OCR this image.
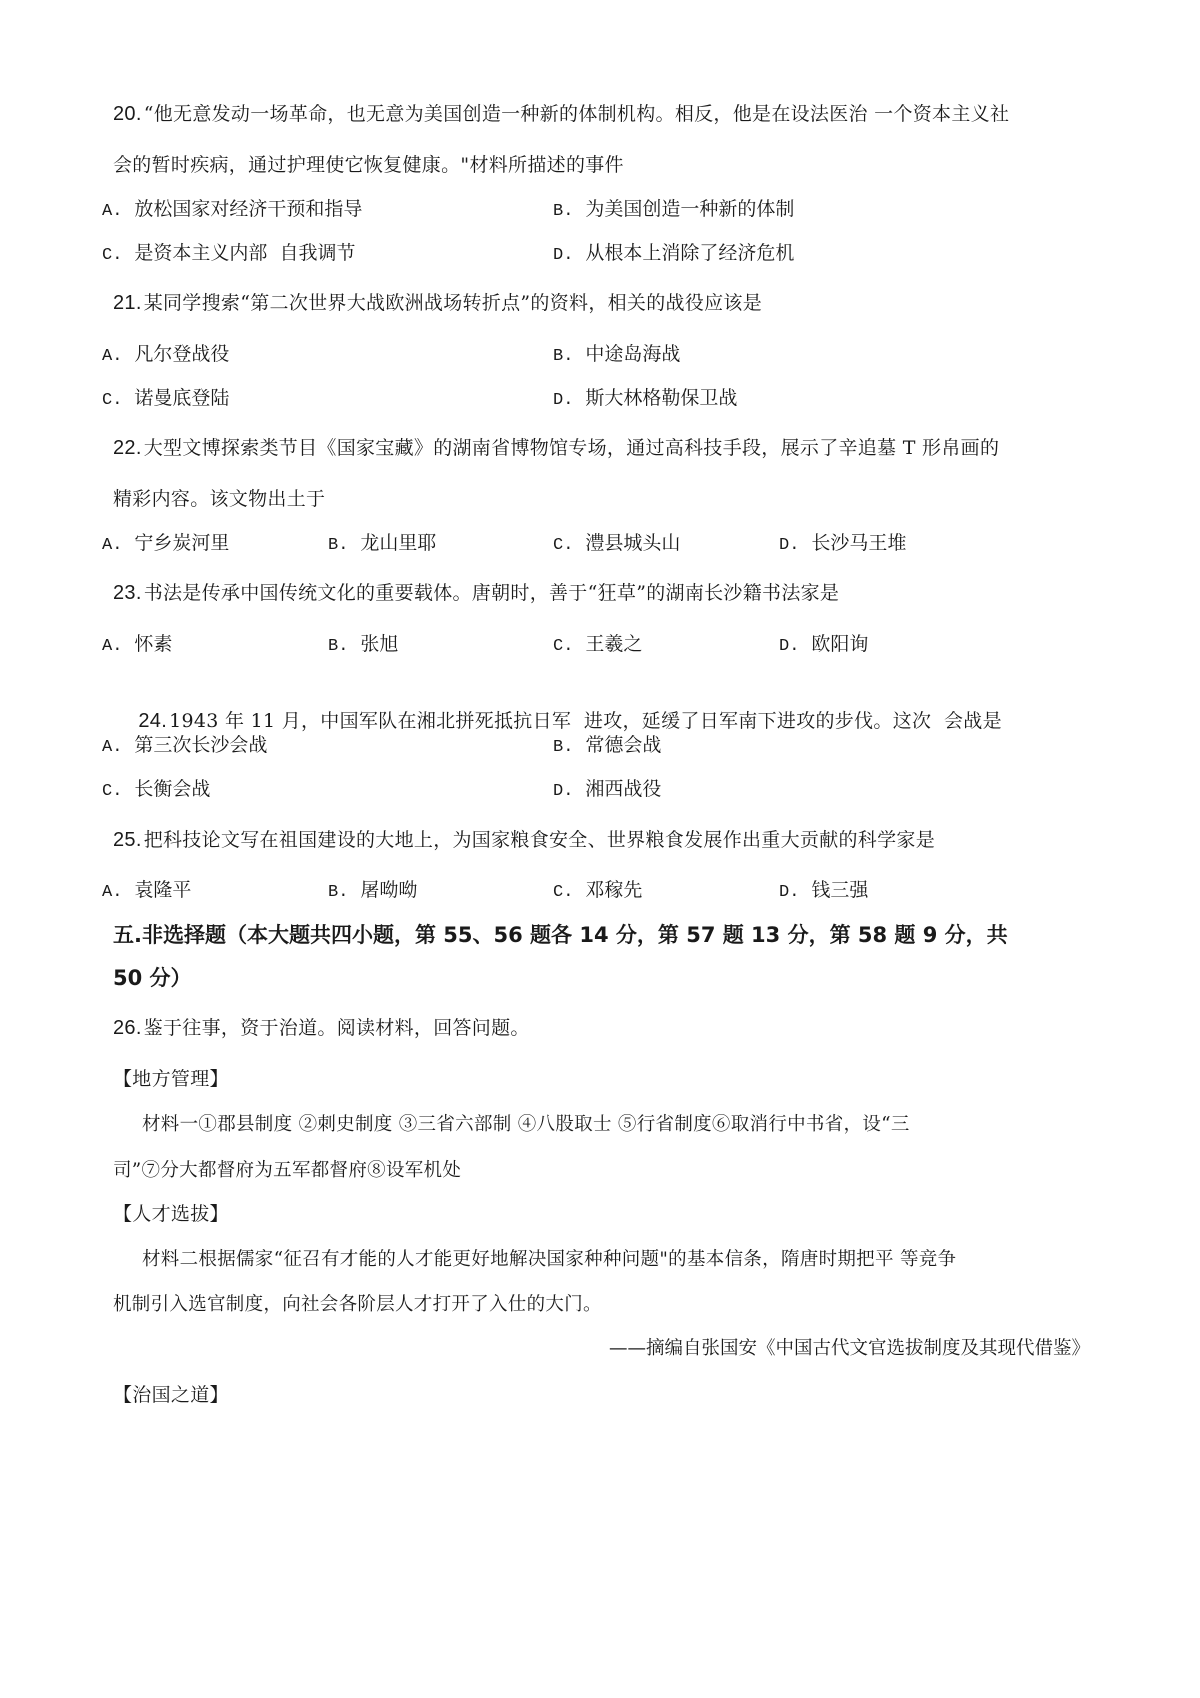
20. “他无意发动一场革命，也无意为美国创造一种新的体制机构。相反，他是在设法医治 一个资本主义社
会的暂时疾病，通过护理使它恢复健康。"材料所描述的事件
A. 放松国家对经济干预和指导	B. 为美国创造一种新的体制
C. 是资本主义内部  自我调节	D. 从根本上消除了经济危机
21. 某同学搜索“第二次世界大战欧洲战场转折点”的资料，相关的战役应该是
A. 凡尔登战役	B. 中途岛海战
C. 诺曼底登陆	D. 斯大林格勒保卫战
22. 大型文博探索类节目《国家宝藏》的湖南省博物馆专场，通过高科技手段，展示了辛追墓 T 形帛画的
精彩内容。该文物出土于
A. 宁乡炭河里	B. 龙山里耶	C. 澧县城头山	D. 长沙马王堆
23. 书法是传承中国传统文化的重要载体。唐朝时，善于“狂草”的湖南长沙籍书法家是
A. 怀素	B. 张旭	C. 王羲之	D. 欧阳询

24. 1943 年 11 月，中国军队在湘北拼死抵抗日军  进攻，延缓了日军南下进攻的步伐。这次  会战是

A. 第三次长沙会战	B. 常德会战
C. 长衡会战	D. 湘西战役
25. 把科技论文写在祖国建设的大地上，为国家粮食安全、世界粮食发展作出重大贡献的科学家是
A. 袁隆平	B. 屠呦呦	C. 邓稼先	D. 钱三强
五.非选择题（本大题共四小题，第 55、56 题各 14 分，第 57 题 13 分，第 58 题 9 分，共
50 分）
26. 鉴于往事，资于治道。阅读材料，回答问题。
【地方管理】
材料一①郡县制度 ②刺史制度 ③三省六部制 ④八股取士 ⑤行省制度⑥取消行中书省，设“三
司”⑦分大都督府为五军都督府⑧设军机处
【人才选拔】
材料二根据儒家“征召有才能的人才能更好地解决国家种种问题"的基本信条，隋唐时期把平 等竞争
机制引入选官制度，向社会各阶层人才打开了入仕的大门。
——摘编自张国安《中国古代文官选拔制度及其现代借鉴》
【治国之道】
